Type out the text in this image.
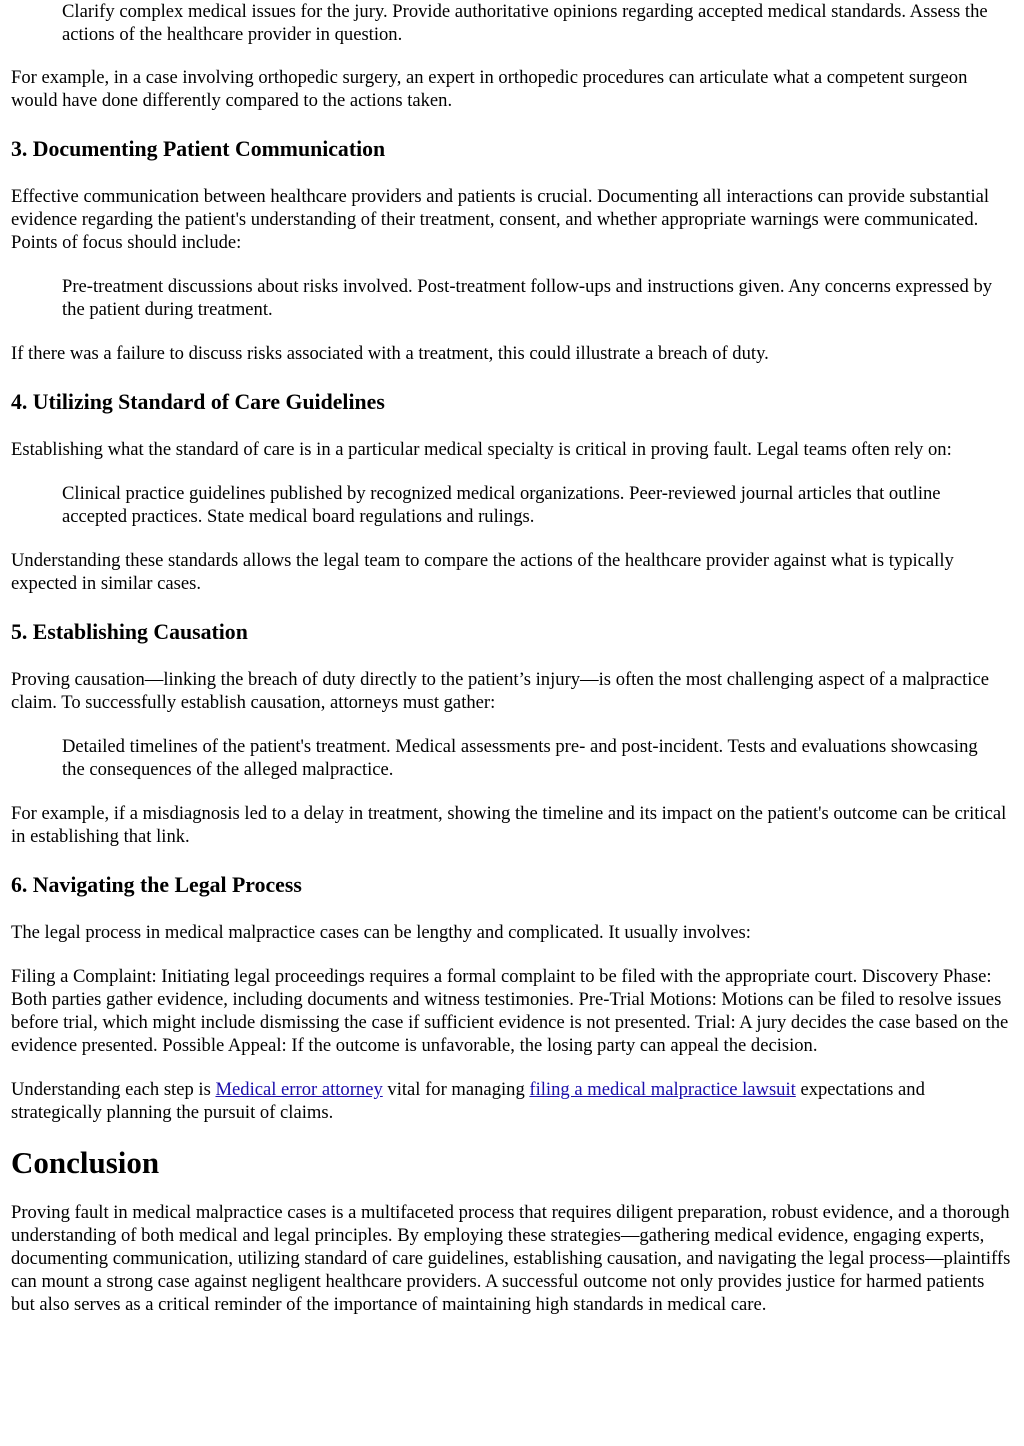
Clarify complex medical issues for the jury. Provide authoritative opinions regarding accepted medical standards. Assess the actions of the healthcare provider in question.

For example, in a case involving orthopedic surgery, an expert in orthopedic procedures can articulate what a competent surgeon would have done differently compared to the actions taken.

3. Documenting Patient Communication

Effective communication between healthcare providers and patients is crucial. Documenting all interactions can provide substantial evidence regarding the patient's understanding of their treatment, consent, and whether appropriate warnings were communicated. Points of focus should include:

Pre-treatment discussions about risks involved. Post-treatment follow-ups and instructions given. Any concerns expressed by the patient during treatment.

If there was a failure to discuss risks associated with a treatment, this could illustrate a breach of duty.

4. Utilizing Standard of Care Guidelines

Establishing what the standard of care is in a particular medical specialty is critical in proving fault. Legal teams often rely on:

Clinical practice guidelines published by recognized medical organizations. Peer-reviewed journal articles that outline accepted practices. State medical board regulations and rulings.

Understanding these standards allows the legal team to compare the actions of the healthcare provider against what is typically expected in similar cases.

5. Establishing Causation

Proving causation—linking the breach of duty directly to the patient’s injury—is often the most challenging aspect of a malpractice claim. To successfully establish causation, attorneys must gather:

Detailed timelines of the patient's treatment. Medical assessments pre- and post-incident. Tests and evaluations showcasing the consequences of the alleged malpractice.

For example, if a misdiagnosis led to a delay in treatment, showing the timeline and its impact on the patient's outcome can be critical in establishing that link.

6. Navigating the Legal Process

The legal process in medical malpractice cases can be lengthy and complicated. It usually involves:

Filing a Complaint: Initiating legal proceedings requires a formal complaint to be filed with the appropriate court. Discovery Phase: Both parties gather evidence, including documents and witness testimonies. Pre-Trial Motions: Motions can be filed to resolve issues before trial, which might include dismissing the case if sufficient evidence is not presented. Trial: A jury decides the case based on the evidence presented. Possible Appeal: If the outcome is unfavorable, the losing party can appeal the decision.

Understanding each step is Medical error attorney vital for managing filing a medical malpractice lawsuit expectations and strategically planning the pursuit of claims.

Conclusion

Proving fault in medical malpractice cases is a multifaceted process that requires diligent preparation, robust evidence, and a thorough understanding of both medical and legal principles. By employing these strategies—gathering medical evidence, engaging experts, documenting communication, utilizing standard of care guidelines, establishing causation, and navigating the legal process—plaintiffs can mount a strong case against negligent healthcare providers. A successful outcome not only provides justice for harmed patients but also serves as a critical reminder of the importance of maintaining high standards in medical care.
